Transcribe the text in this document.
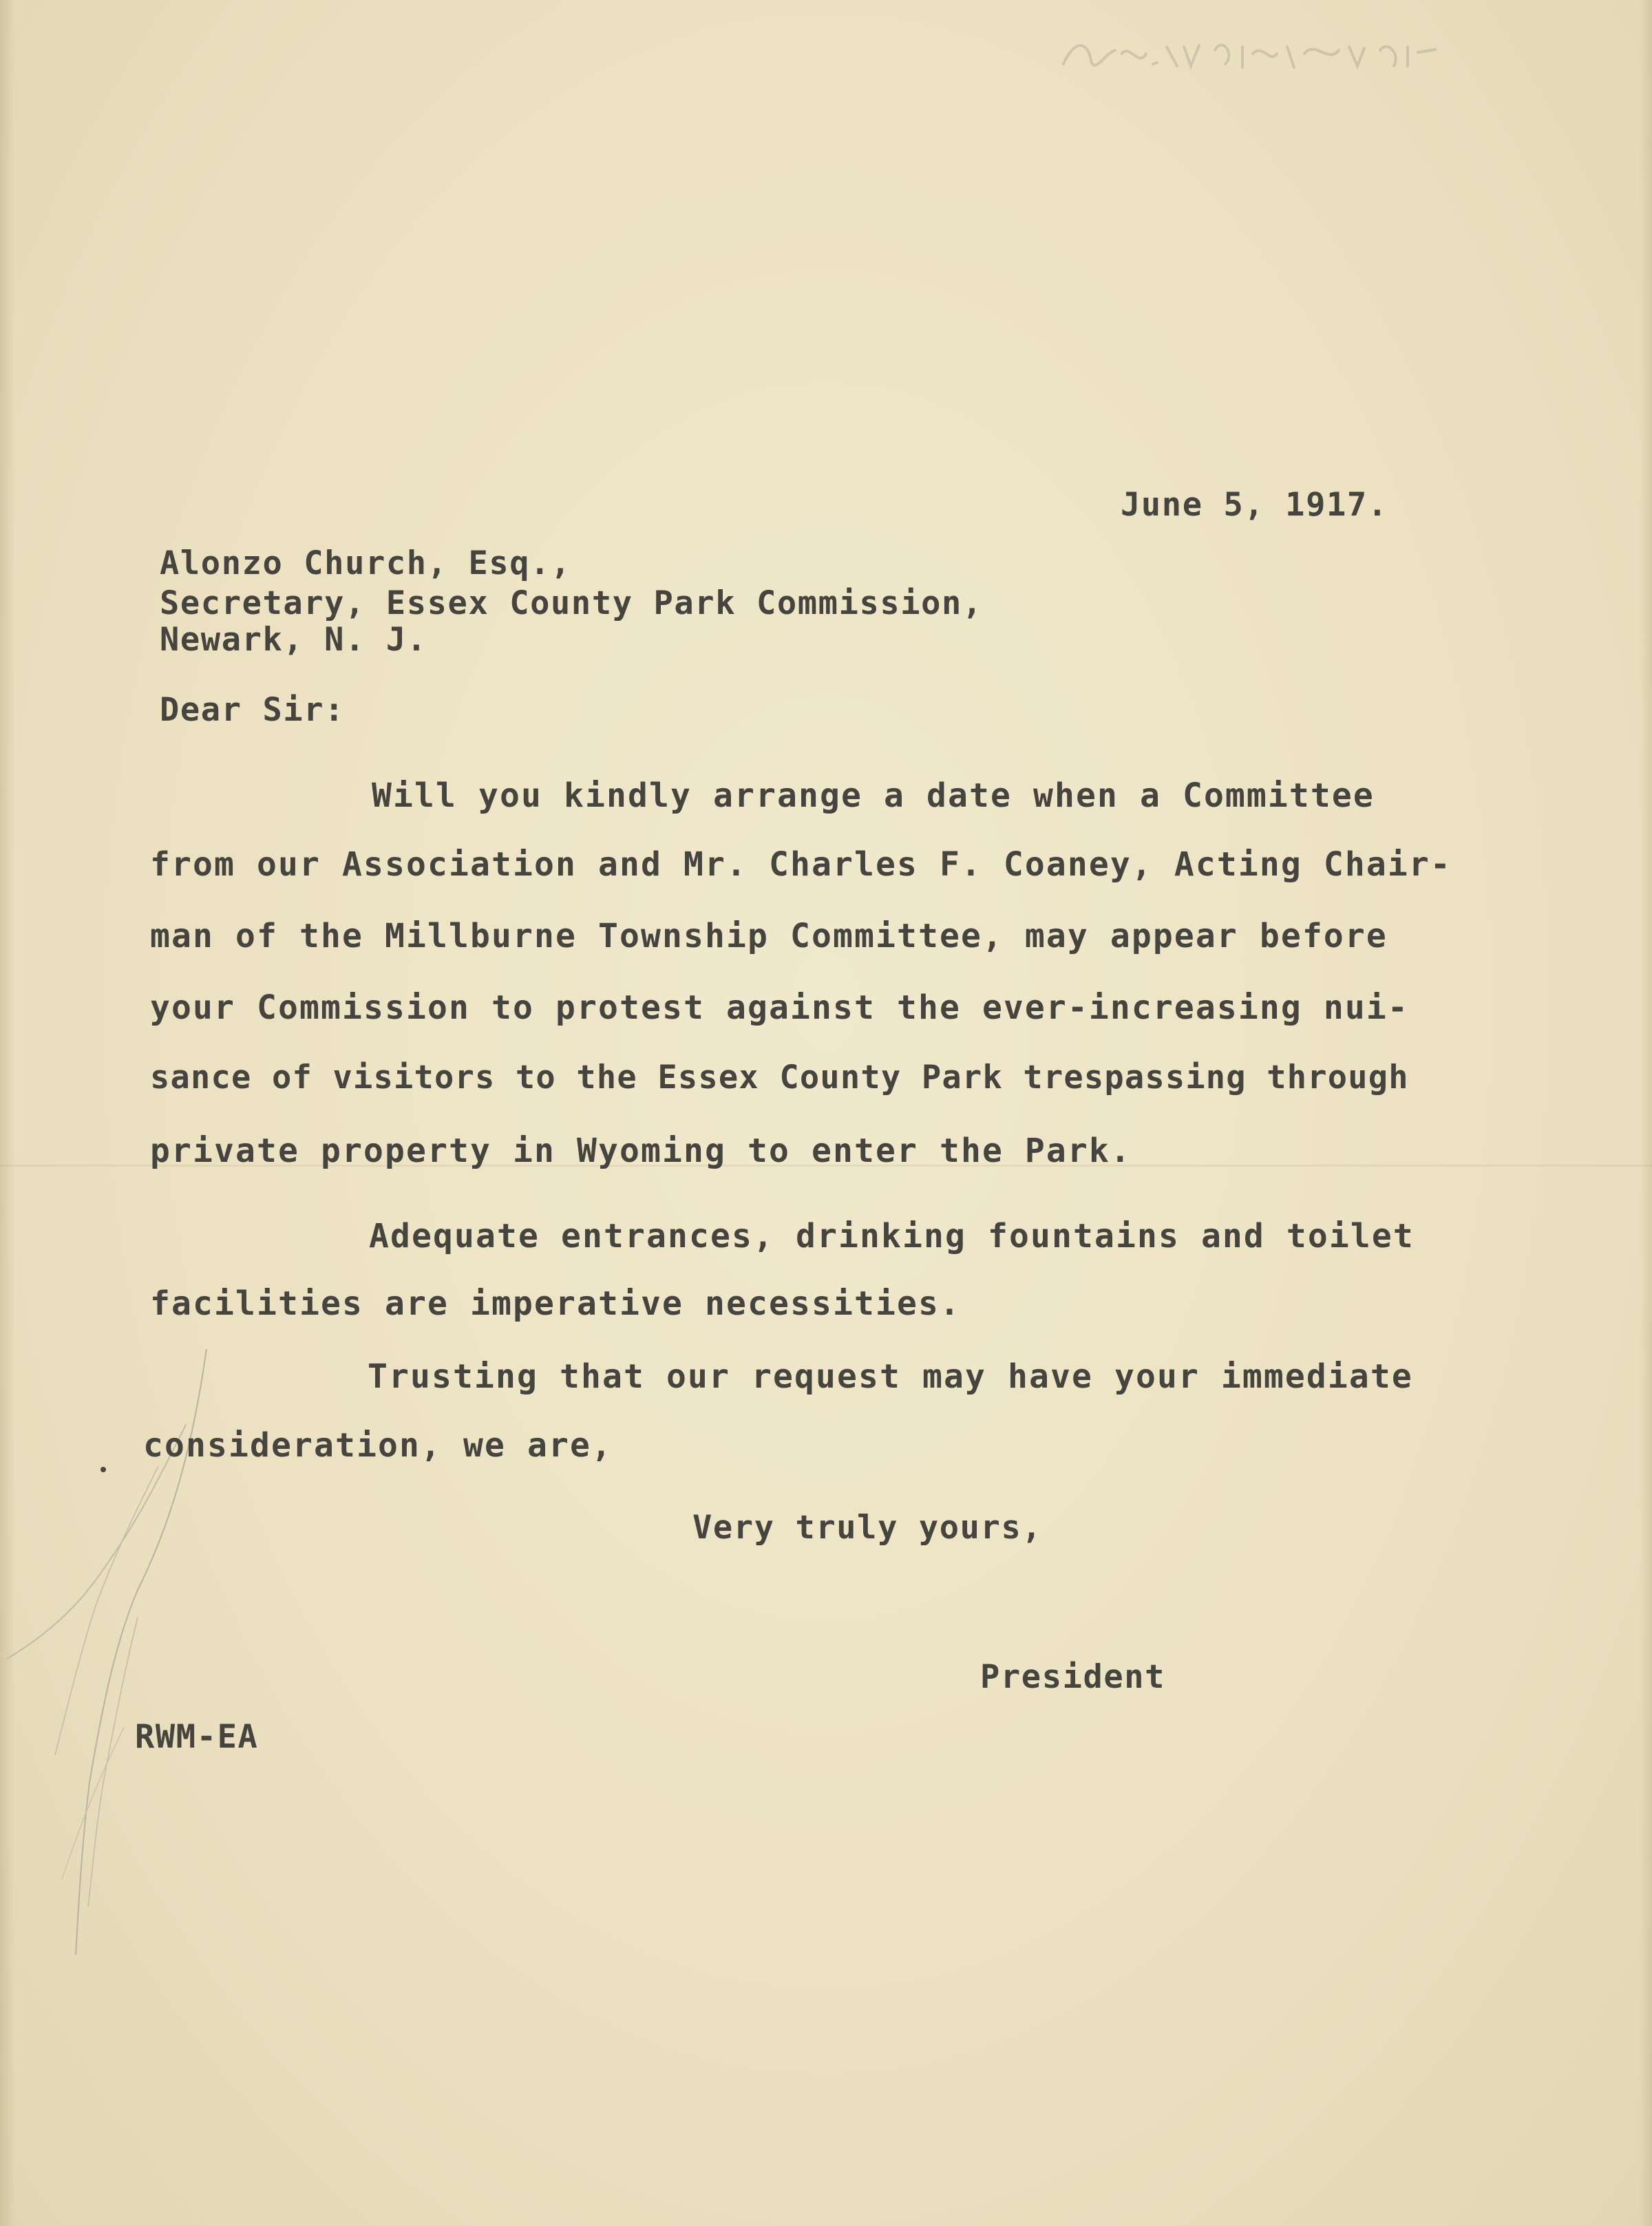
June 5, 1917.
Alonzo Church, Esq.,
Secretary, Essex County Park Commission,
Newark, N. J.
Dear Sir:
Will you kindly arrange a date when a Committee
from our Association and Mr. Charles F. Coaney, Acting Chair-
man of the Millburne Township Committee, may appear before
your Commission to protest against the ever-increasing nui-
sance of visitors to the Essex County Park trespassing through
private property in Wyoming to enter the Park.
Adequate entrances, drinking fountains and toilet
facilities are imperative necessities.
Trusting that our request may have your immediate
consideration, we are,
Very truly yours,
President
RWM-EA
